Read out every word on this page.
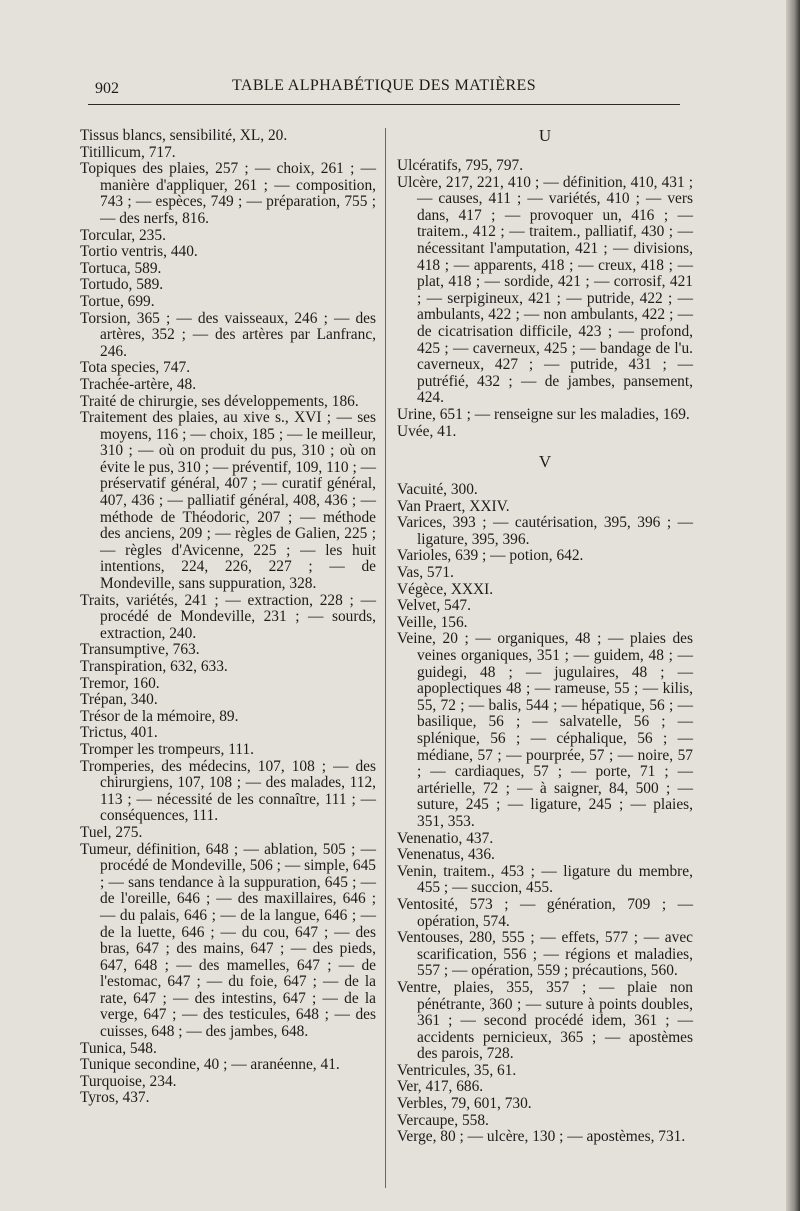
902	TABLE ALPHABÉTIQUE DES MATIÈRES

Tissus blancs, sensibilité, XL, 20.

Titillicum, 717.

Topiques des plaies, 257 ; — choix, 261 ; — manière d'appliquer, 261 ; — composition, 743 ; — espèces, 749 ; — préparation, 755 ; — des nerfs, 816.

Torcular, 235.

Tortio ventris, 440.

Tortuca, 589.

Tortudo, 589.

Tortue, 699.

Torsion, 365 ; — des vaisseaux, 246 ; — des artères, 352 ; — des artères par Lanfranc, 246.

Tota species, 747.

Trachée-artère, 48.

Traité de chirurgie, ses développements, 186.

Traitement des plaies, au xive s., XVI ; — ses moyens, 116 ; — choix, 185 ; — le meilleur, 310 ; — où on produit du pus, 310 ; où on évite le pus, 310 ; — préventif, 109, 110 ; — préservatif général, 407 ; — curatif général, 407, 436 ; — palliatif général, 408, 436 ; — méthode de Théodoric, 207 ; — méthode des anciens, 209 ; — règles de Galien, 225 ; — règles d'Avicenne, 225 ; — les huit intentions, 224, 226, 227 ; — de Mondeville, sans suppuration, 328.

Traits, variétés, 241 ; — extraction, 228 ; — procédé de Mondeville, 231 ; — sourds, extraction, 240.

Transumptive, 763.

Transpiration, 632, 633.

Tremor, 160.

Trépan, 340.

Trésor de la mémoire, 89.

Trictus, 401.

Tromper les trompeurs, 111.

Tromperies, des médecins, 107, 108 ; — des chirurgiens, 107, 108 ; — des malades, 112, 113 ; — nécessité de les connaître, 111 ; — conséquences, 111.

Tuel, 275.

Tumeur, définition, 648 ; — ablation, 505 ; — procédé de Mondeville, 506 ; — simple, 645 ; — sans tendance à la suppuration, 645 ; — de l'oreille, 646 ; — des maxillaires, 646 ; — du palais, 646 ; — de la langue, 646 ; — de la luette, 646 ; — du cou, 647 ; — des bras, 647 ; des mains, 647 ; — des pieds, 647, 648 ; — des mamelles, 647 ; — de l'estomac, 647 ; — du foie, 647 ; — de la rate, 647 ; — des intestins, 647 ; — de la verge, 647 ; — des testicules, 648 ; — des cuisses, 648 ; — des jambes, 648.

Tunica, 548.

Tunique secondine, 40 ; — aranéenne, 41.

Turquoise, 234.

Tyros, 437.

U

Ulcératifs, 795, 797.

Ulcère, 217, 221, 410 ; — définition, 410, 431 ; — causes, 411 ; — variétés, 410 ; — vers dans, 417 ; — provoquer un, 416 ; — traitem., 412 ; — traitem., palliatif, 430 ; — nécessitant l'amputation, 421 ; — divisions, 418 ; — apparents, 418 ; — creux, 418 ; — plat, 418 ; — sordide, 421 ; — corrosif, 421 ; — serpigineux, 421 ; — putride, 422 ; — ambulants, 422 ; — non ambulants, 422 ; — de cicatrisation difficile, 423 ; — profond, 425 ; — caverneux, 425 ; — bandage de l'u. caverneux, 427 ; — putride, 431 ; — putréfié, 432 ; — de jambes, pansement, 424.

Urine, 651 ; — renseigne sur les maladies, 169.

Uvée, 41.

V

Vacuité, 300.

Van Praert, XXIV.

Varices, 393 ; — cautérisation, 395, 396 ; — ligature, 395, 396.

Varioles, 639 ; — potion, 642.

Vas, 571.

Végèce, XXXI.

Velvet, 547.

Veille, 156.

Veine, 20 ; — organiques, 48 ; — plaies des veines organiques, 351 ; — guidem, 48 ; — guidegi, 48 ; — jugulaires, 48 ; — apoplectiques 48 ; — rameuse, 55 ; — kilis, 55, 72 ; — balis, 544 ; — hépatique, 56 ; — basilique, 56 ; — salvatelle, 56 ; — splénique, 56 ; — céphalique, 56 ; — médiane, 57 ; — pourprée, 57 ; — noire, 57 ; — cardiaques, 57 ; — porte, 71 ; — artérielle, 72 ; — à saigner, 84, 500 ; — suture, 245 ; — ligature, 245 ; — plaies, 351, 353.

Venenatio, 437.

Venenatus, 436.

Venin, traitem., 453 ; — ligature du membre, 455 ; — succion, 455.

Ventosité, 573 ; — génération, 709 ; — opération, 574.

Ventouses, 280, 555 ; — effets, 577 ; — avec scarification, 556 ; — régions et maladies, 557 ; — opération, 559 ; précautions, 560.

Ventre, plaies, 355, 357 ; — plaie non pénétrante, 360 ; — suture à points doubles, 361 ; — second procédé idem, 361 ; — accidents pernicieux, 365 ; — apostèmes des parois, 728.

Ventricules, 35, 61.

Ver, 417, 686.

Verbles, 79, 601, 730.

Vercaupe, 558.

Verge, 80 ; — ulcère, 130 ; — apostèmes, 731.
